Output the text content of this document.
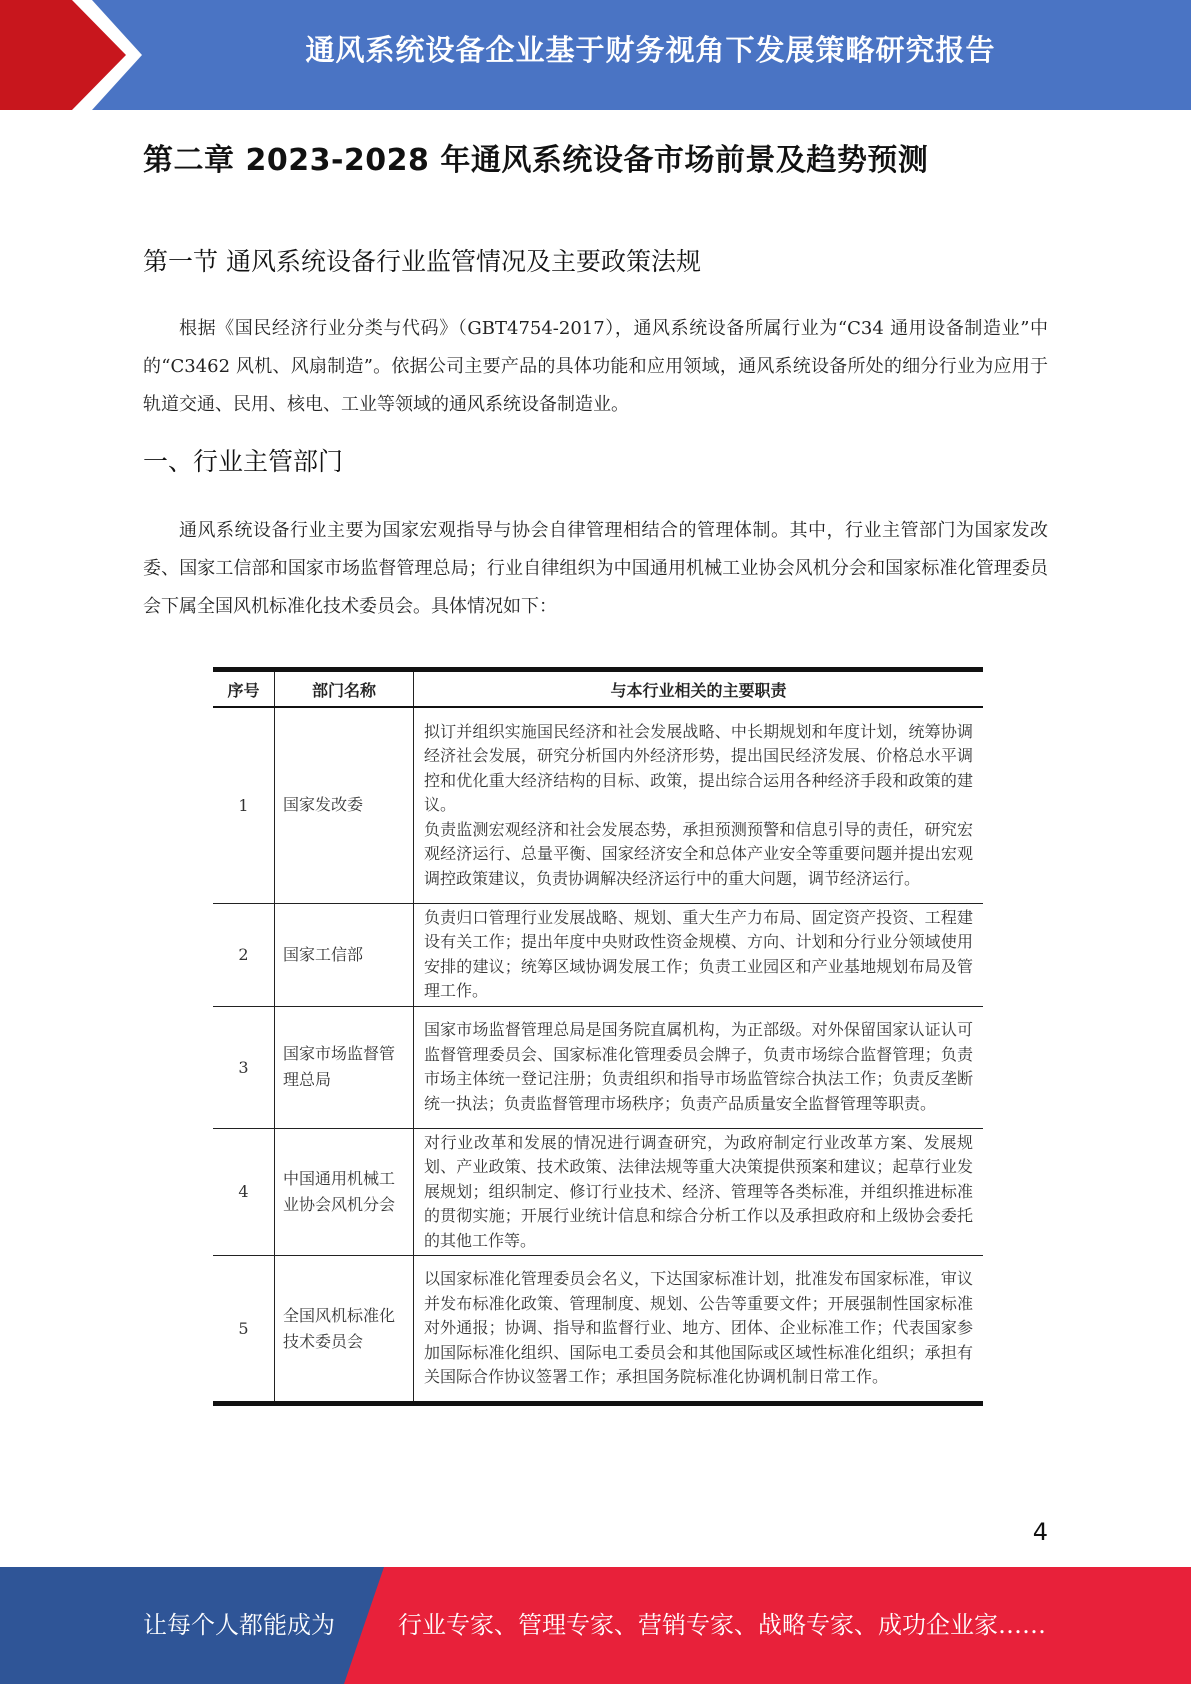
通风系统设备企业基于财务视角下发展策略研究报告
第二章 2023-2028 年通风系统设备市场前景及趋势预测
第一节 通风系统设备行业监管情况及主要政策法规

根据《国民经济行业分类与代码》（GBT4754-2017），通风系统设备所属行业为“C34 通用设备制造业”中的“C3462 风机、风扇制造”。依据公司主要产品的具体功能和应用领域，通风系统设备所处的细分行业为应用于轨道交通、民用、核电、工业等领域的通风系统设备制造业。

一、行业主管部门

通风系统设备行业主要为国家宏观指导与协会自律管理相结合的管理体制。其中，行业主管部门为国家发改委、国家工信部和国家市场监督管理总局；行业自律组织为中国通用机械工业协会风机分会和国家标准化管理委员会下属全国风机标准化技术委员会。具体情况如下：

序号	部门名称	与本行业相关的主要职责
1	国家发改委	拟订并组织实施国民经济和社会发展战略、中长期规划和年度计划，统筹协调经济社会发展，研究分析国内外经济形势，提出国民经济发展、价格总水平调控和优化重大经济结构的目标、政策，提出综合运用各种经济手段和政策的建议。
负责监测宏观经济和社会发展态势，承担预测预警和信息引导的责任，研究宏观经济运行、总量平衡、国家经济安全和总体产业安全等重要问题并提出宏观调控政策建议，负责协调解决经济运行中的重大问题，调节经济运行。

2	国家工信部	负责归口管理行业发展战略、规划、重大生产力布局、固定资产投资、工程建设有关工作；提出年度中央财政性资金规模、方向、计划和分行业分领域使用安排的建议；统筹区域协调发展工作；负责工业园区和产业基地规划布局及管理工作。

3	国家市场监督管理总局	国家市场监督管理总局是国务院直属机构，为正部级。对外保留国家认证认可监督管理委员会、国家标准化管理委员会牌子，负责市场综合监督管理；负责市场主体统一登记注册；负责组织和指导市场监管综合执法工作；负责反垄断统一执法；负责监督管理市场秩序；负责产品质量安全监督管理等职责。

4	中国通用机械工业协会风机分会	对行业改革和发展的情况进行调查研究，为政府制定行业改革方案、发展规划、产业政策、技术政策、法律法规等重大决策提供预案和建议；起草行业发展规划；组织制定、修订行业技术、经济、管理等各类标准，并组织推进标准的贯彻实施；开展行业统计信息和综合分析工作以及承担政府和上级协会委托的其他工作等。

5	全国风机标准化技术委员会	以国家标准化管理委员会名义，下达国家标准计划，批准发布国家标准，审议并发布标准化政策、管理制度、规划、公告等重要文件；开展强制性国家标准对外通报；协调、指导和监督行业、地方、团体、企业标准工作；代表国家参加国际标准化组织、国际电工委员会和其他国际或区域性标准化组织；承担有关国际合作协议签署工作；承担国务院标准化协调机制日常工作。
4
让每个人都能成为	行业专家、管理专家、营销专家、战略专家、成功企业家……
